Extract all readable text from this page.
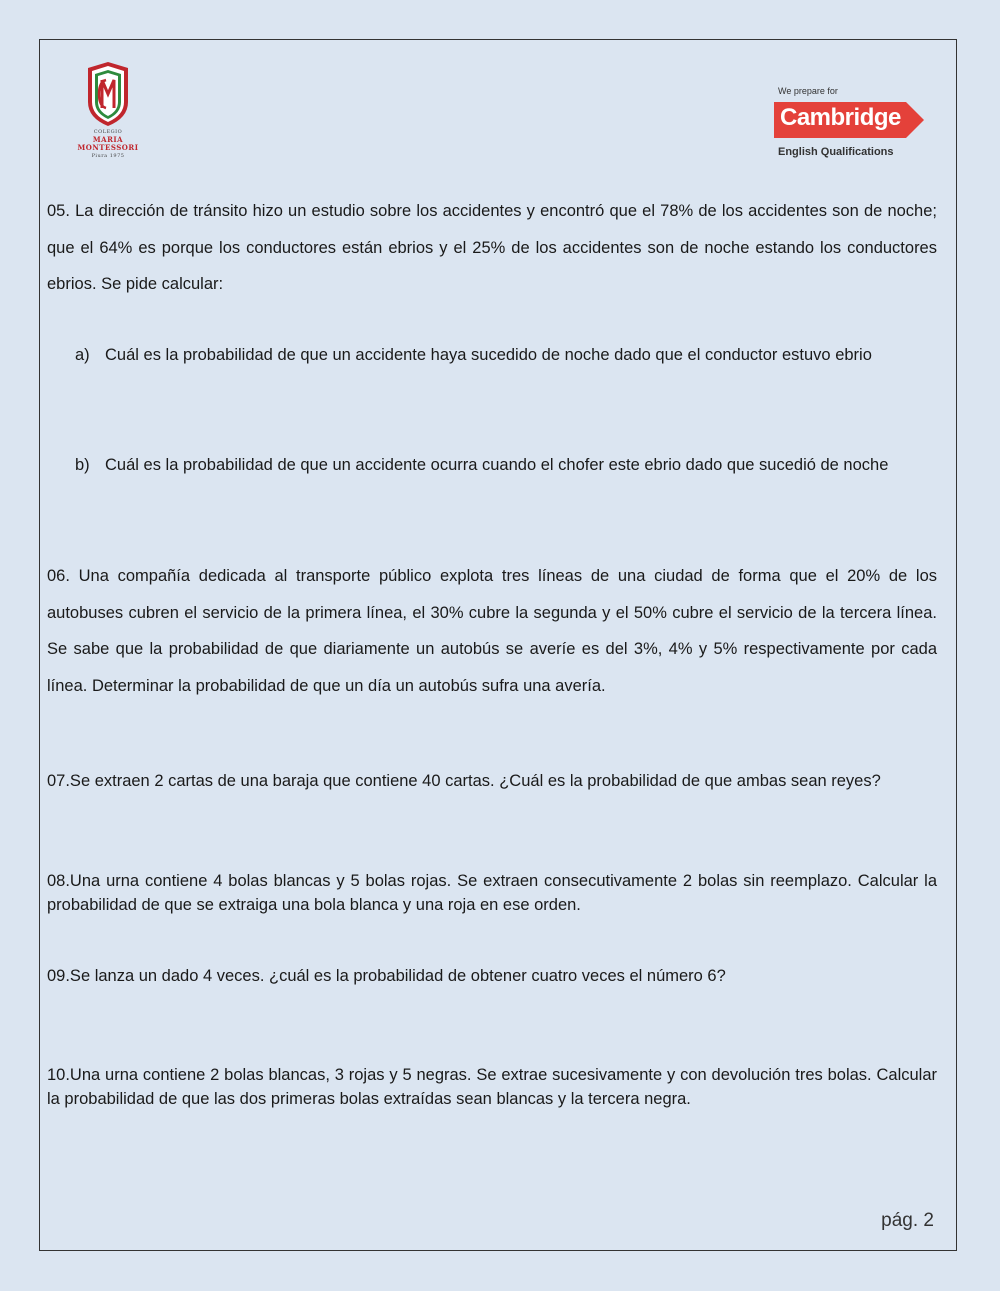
COLEGIO
MARIA
MONTESSORI
Piura 1975
We prepare for
Cambridge
English Qualifications
05. La dirección de tránsito hizo un estudio sobre los accidentes y encontró que el 78% de los accidentes son de noche; que el 64% es porque los conductores están ebrios y el 25% de los accidentes son de noche estando los conductores ebrios. Se pide calcular:
a) Cuál es la probabilidad de que un accidente haya sucedido de noche dado que el conductor estuvo ebrio
b) Cuál es la probabilidad de que un accidente ocurra cuando el chofer este ebrio dado que sucedió de noche
06. Una compañía dedicada al transporte público explota tres líneas de una ciudad de forma que el 20% de los autobuses cubren el servicio de la primera línea, el 30% cubre la segunda y el 50% cubre el servicio de la tercera línea. Se sabe que la probabilidad de que diariamente un autobús se averíe es del 3%, 4% y 5% respectivamente por cada línea. Determinar la probabilidad de que un día un autobús sufra una avería.
07.Se extraen 2 cartas de una baraja que contiene 40 cartas. ¿Cuál es la probabilidad de que ambas sean reyes?
08.Una urna contiene 4 bolas blancas y 5 bolas rojas. Se extraen consecutivamente 2 bolas sin reemplazo. Calcular la probabilidad de que se extraiga una bola blanca y una roja en ese orden.
09.Se lanza un dado 4 veces. ¿cuál es la probabilidad de obtener cuatro veces el número 6?
10.Una urna contiene 2 bolas blancas, 3 rojas y 5 negras. Se extrae sucesivamente y con devolución tres bolas. Calcular la probabilidad de que las dos primeras bolas extraídas sean blancas y la tercera negra.
pág. 2
